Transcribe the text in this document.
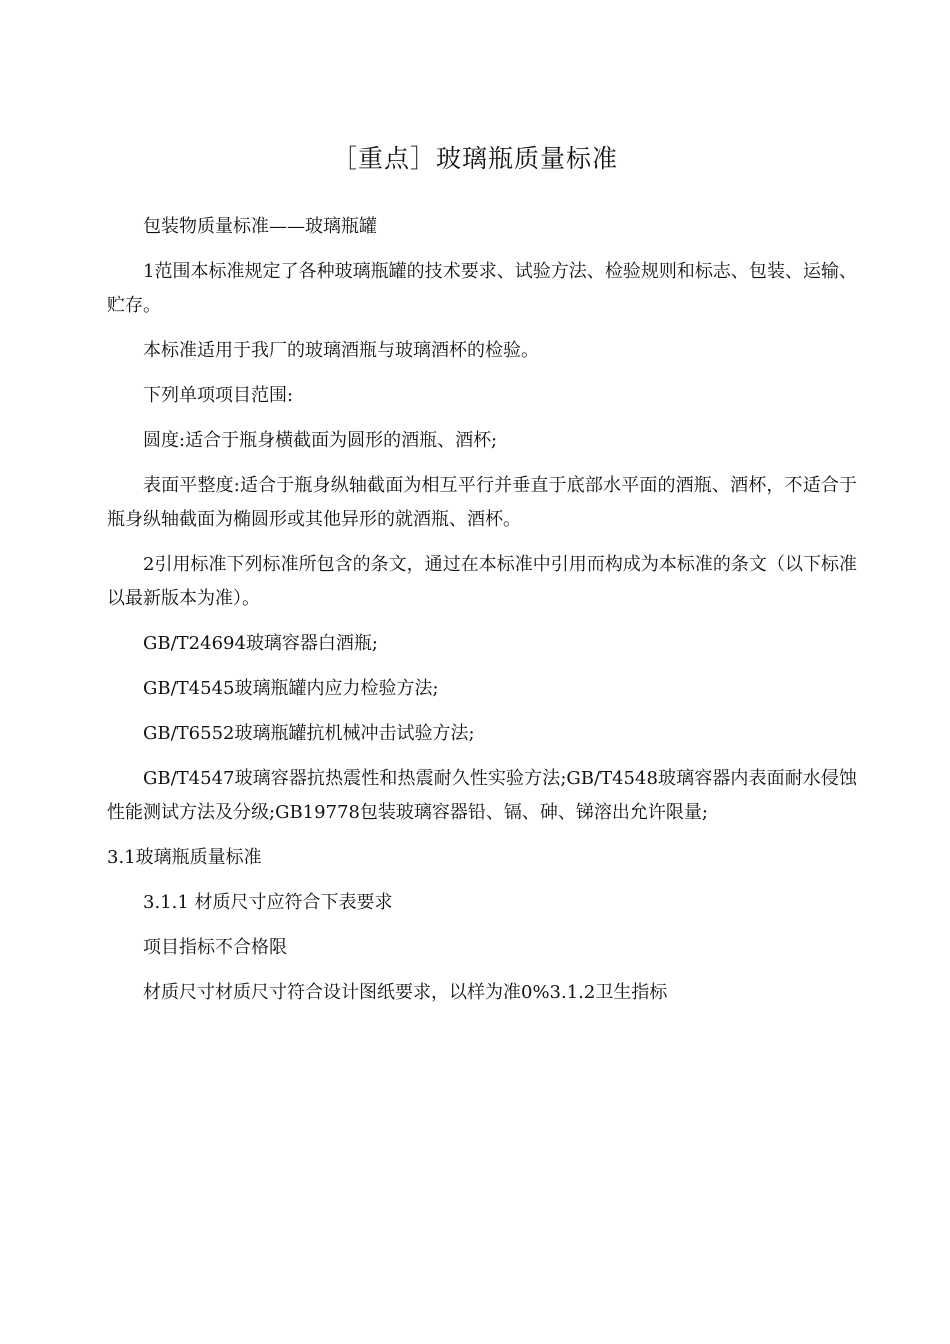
［重点］玻璃瓶质量标准

包装物质量标准——玻璃瓶罐

1范围本标准规定了各种玻璃瓶罐的技术要求、试验方法、检验规则和标志、包装、运输、贮存。

本标准适用于我厂的玻璃酒瓶与玻璃酒杯的检验。

下列单项项目范围:

圆度:适合于瓶身横截面为圆形的酒瓶、酒杯;

表面平整度:适合于瓶身纵轴截面为相互平行并垂直于底部水平面的酒瓶、酒杯，不适合于瓶身纵轴截面为椭圆形或其他异形的就酒瓶、酒杯。

2引用标准下列标准所包含的条文，通过在本标准中引用而构成为本标准的条文（以下标准以最新版本为准）。

GB/T24694玻璃容器白酒瓶;

GB/T4545玻璃瓶罐内应力检验方法;

GB/T6552玻璃瓶罐抗机械冲击试验方法;

GB/T4547玻璃容器抗热震性和热震耐久性实验方法;GB/T4548玻璃容器内表面耐水侵蚀性能测试方法及分级;GB19778包装玻璃容器铅、镉、砷、锑溶出允许限量;

3.1玻璃瓶质量标准

3.1.1 材质尺寸应符合下表要求

项目指标不合格限

材质尺寸材质尺寸符合设计图纸要求，以样为准0%3.1.2卫生指标
